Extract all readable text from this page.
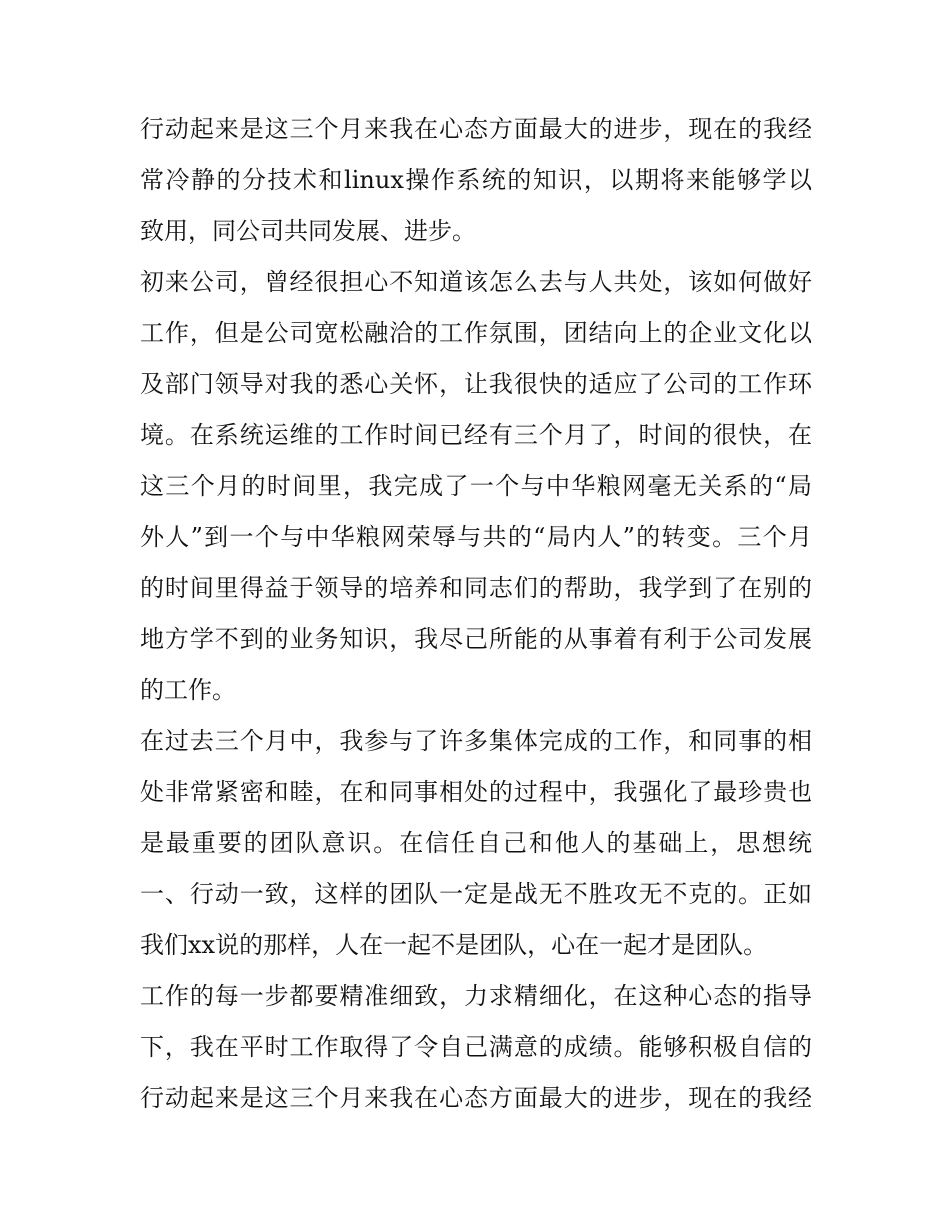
行动起来是这三个月来我在心态方面最大的进步，现在的我经
常冷静的分技术和linux操作系统的知识，以期将来能够学以
致用，同公司共同发展、进步。
初来公司，曾经很担心不知道该怎么去与人共处，该如何做好
工作，但是公司宽松融洽的工作氛围，团结向上的企业文化以
及部门领导对我的悉心关怀，让我很快的适应了公司的工作环
境。在系统运维的工作时间已经有三个月了，时间的很快，在
这三个月的时间里，我完成了一个与中华粮网毫无关系的“局
外人”到一个与中华粮网荣辱与共的“局内人”的转变。三个月
的时间里得益于领导的培养和同志们的帮助，我学到了在别的
地方学不到的业务知识，我尽己所能的从事着有利于公司发展
的工作。
在过去三个月中，我参与了许多集体完成的工作，和同事的相
处非常紧密和睦，在和同事相处的过程中，我强化了最珍贵也
是最重要的团队意识。在信任自己和他人的基础上，思想统
一、行动一致，这样的团队一定是战无不胜攻无不克的。正如
我们xx说的那样，人在一起不是团队，心在一起才是团队。
工作的每一步都要精准细致，力求精细化，在这种心态的指导
下，我在平时工作取得了令自己满意的成绩。能够积极自信的
行动起来是这三个月来我在心态方面最大的进步，现在的我经
